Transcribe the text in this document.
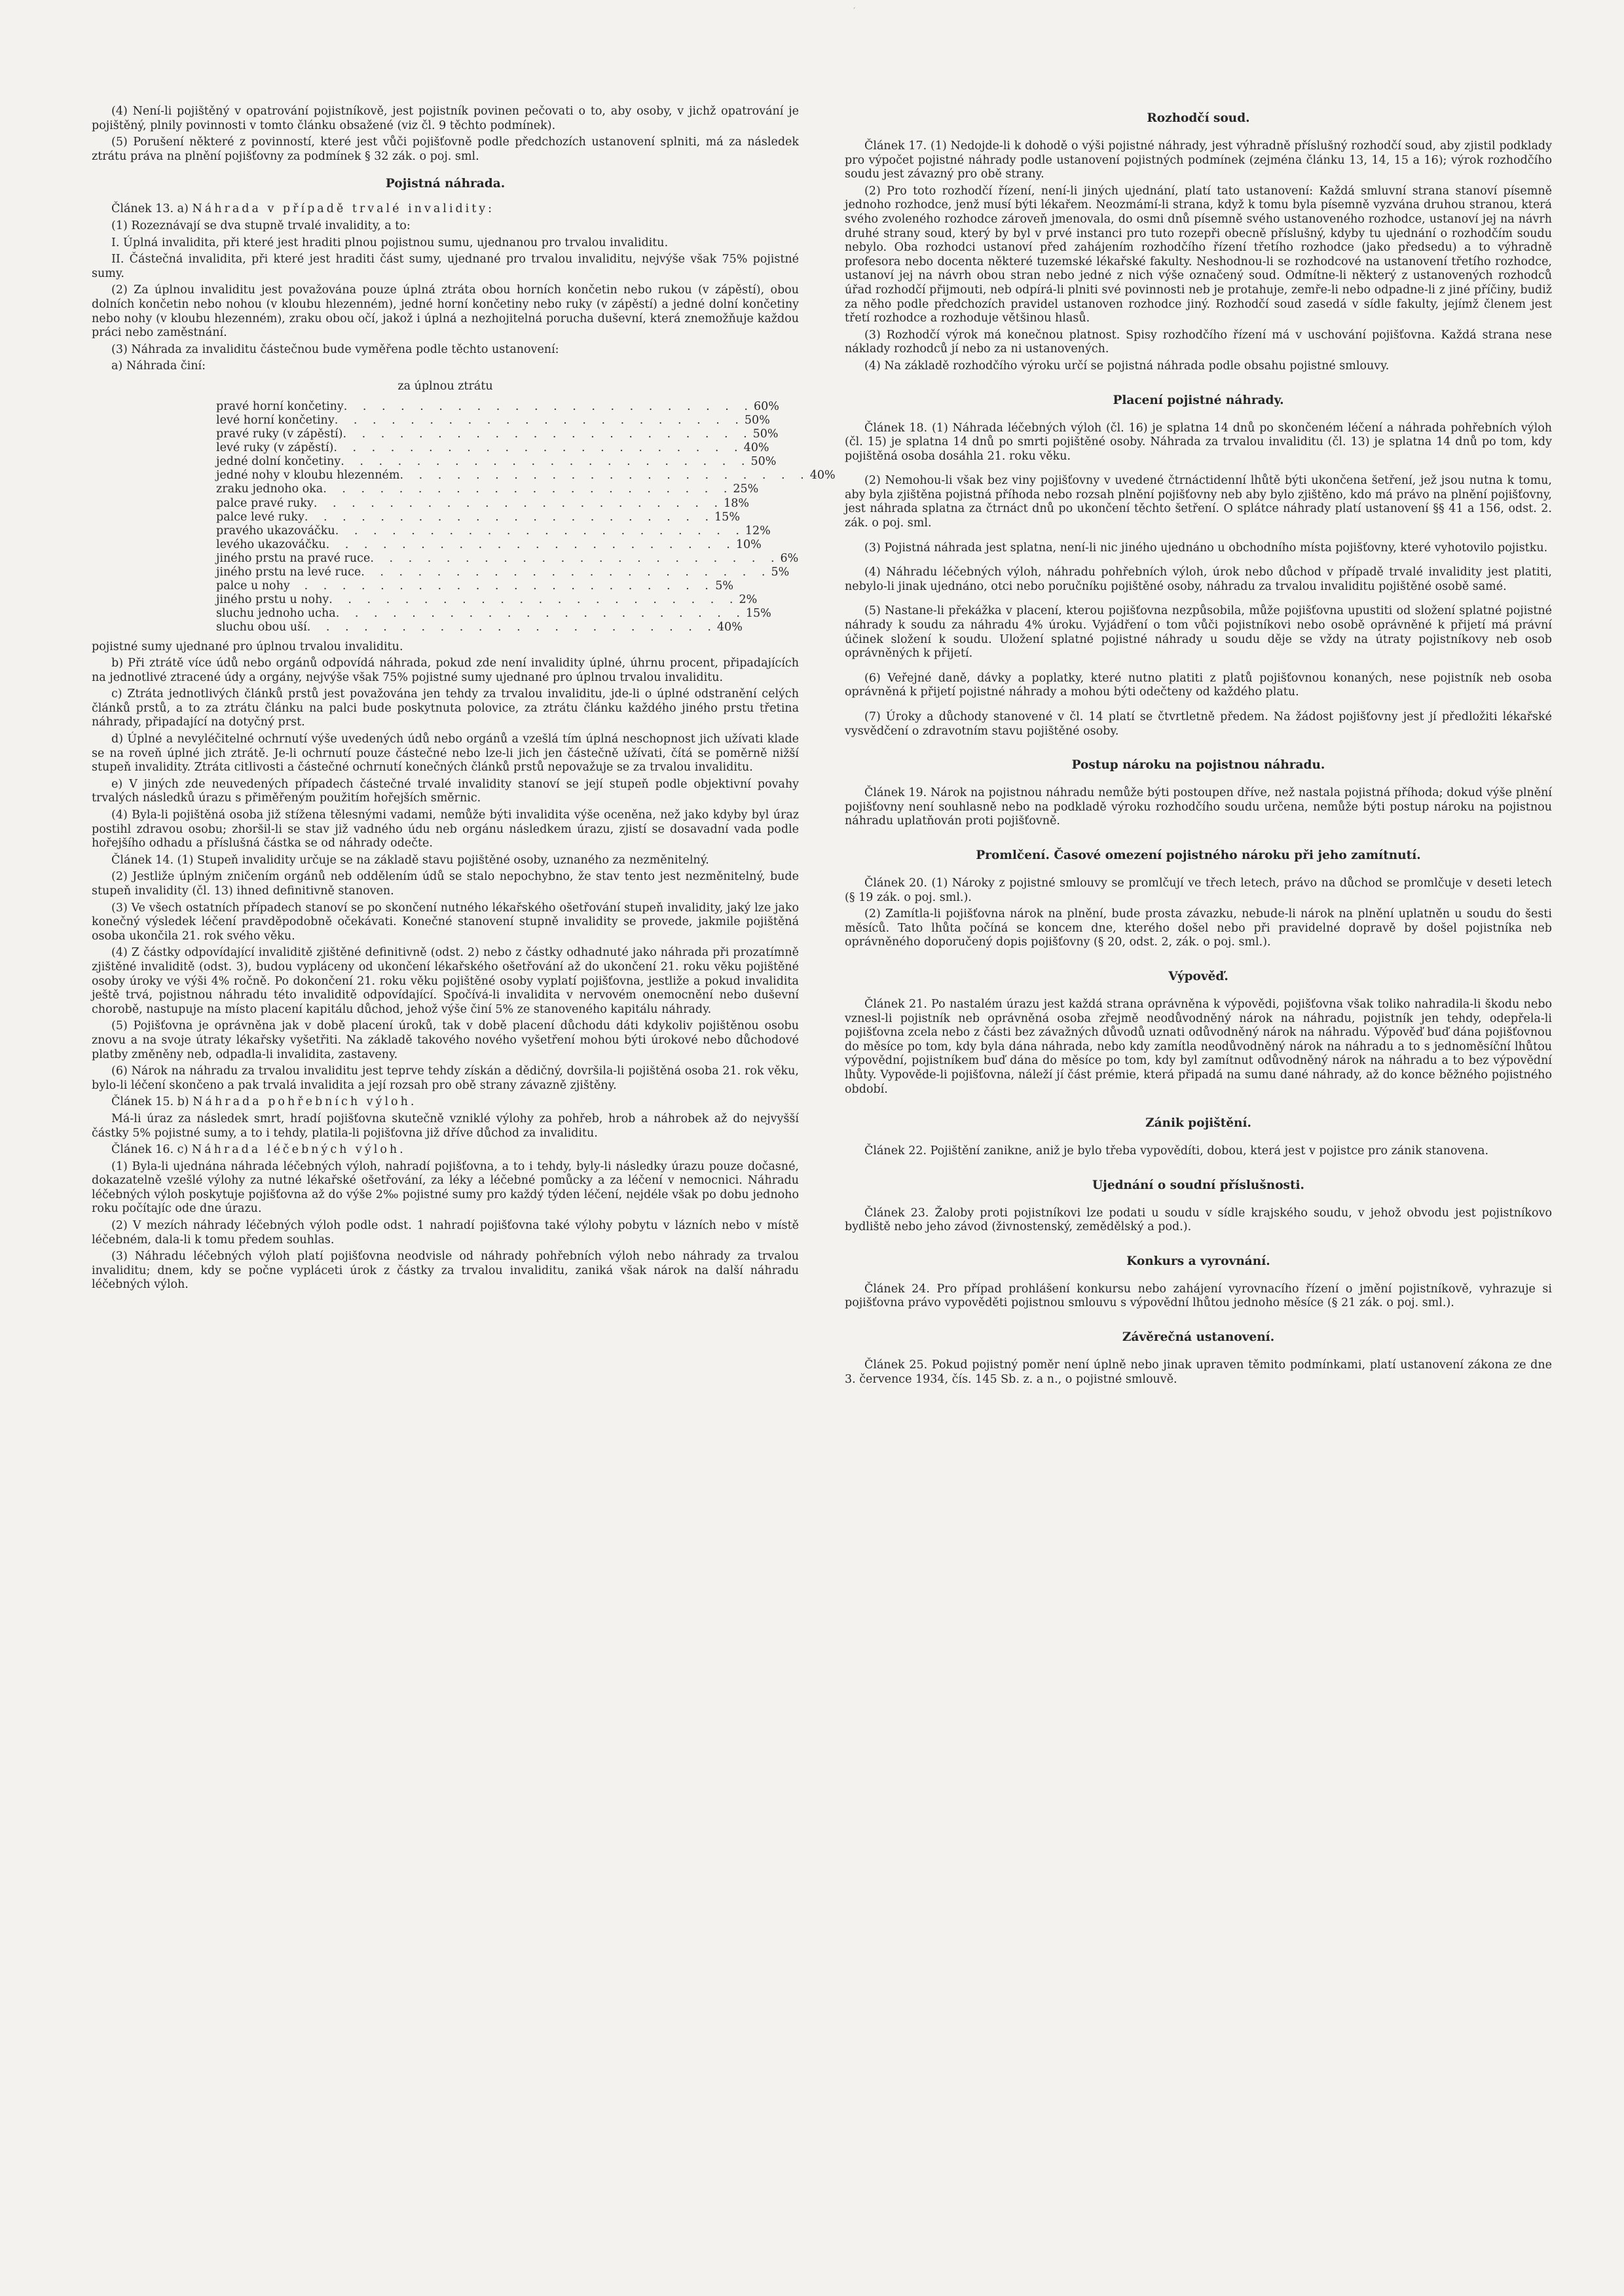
´

(4) Není-li pojištěný v opatrování pojistníkově, jest pojistník povinen pečovati o to, aby osoby, v jichž opatrování je pojištěný, plnily povinnosti v tomto článku obsažené (viz čl. 9 těchto podmínek).

(5) Porušení některé z povinností, které jest vůči pojišťovně podle předchozích ustanovení splniti, má za následek ztrátu práva na plnění pojišťovny za podmínek § 32 zák. o poj. sml.

Pojistná náhrada.

Článek 13. a) Náhrada v případě trvalé invalidity:

(1) Rozeznávají se dva stupně trvalé invalidity, a to:

I. Úplná invalidita, při které jest hraditi plnou pojistnou sumu, ujednanou pro trvalou invaliditu.

II. Částečná invalidita, při které jest hraditi část sumy, ujednané pro trvalou invaliditu, nejvýše však 75% pojistné sumy.

(2) Za úplnou invaliditu jest považována pouze úplná ztráta obou horních končetin nebo rukou (v zápěstí), obou dolních končetin nebo nohou (v kloubu hlezenném), jedné horní končetiny nebo ruky (v zápěstí) a jedné dolní končetiny nebo nohy (v kloubu hlezenném), zraku obou očí, jakož i úplná a nezhojitelná porucha duševní, která znemožňuje každou práci nebo zaměstnání.

(3) Náhrada za invaliditu částečnou bude vyměřena podle těchto ustanovení:

a) Náhrada činí:

za úplnou ztrátu
pravé horní končetiny . . . . . . . . . . . . . . . . . . . . . . 60%
levé horní končetiny . . . . . . . . . . . . . . . . . . . . . . 50%
pravé ruky (v zápěstí) . . . . . . . . . . . . . . . . . . . . . . 50%
levé ruky (v zápěstí) . . . . . . . . . . . . . . . . . . . . . . 40%
jedné dolní končetiny . . . . . . . . . . . . . . . . . . . . . . 50%
jedné nohy v kloubu hlezenném . . . . . . . . . . . . . . . . . . . . . . 40%
zraku jednoho oka . . . . . . . . . . . . . . . . . . . . . . 25%
palce pravé ruky . . . . . . . . . . . . . . . . . . . . . . 18%
palce levé ruky . . . . . . . . . . . . . . . . . . . . . . 15%
pravého ukazováčku . . . . . . . . . . . . . . . . . . . . . . 12%
levého ukazováčku . . . . . . . . . . . . . . . . . . . . . . 10%
jiného prstu na pravé ruce . . . . . . . . . . . . . . . . . . . . . . 6%
jiného prstu na levé ruce . . . . . . . . . . . . . . . . . . . . . . 5%
palce u nohy	. . . . . . . . . . . . . . . . . . . . . . 5%
jiného prstu u nohy . . . . . . . . . . . . . . . . . . . . . . 2%
sluchu jednoho ucha . . . . . . . . . . . . . . . . . . . . . . 15%
sluchu obou uší . . . . . . . . . . . . . . . . . . . . . . 40%

pojistné sumy ujednané pro úplnou trvalou invaliditu.

b) Při ztrátě více údů nebo orgánů odpovídá náhrada, pokud zde není invalidity úplné, úhrnu procent, připadajících na jednotlivé ztracené údy a orgány, nejvýše však 75% pojistné sumy ujednané pro úplnou trvalou invaliditu.

c) Ztráta jednotlivých článků prstů jest považována jen tehdy za trvalou invaliditu, jde-li o úplné odstranění celých článků prstů, a to za ztrátu článku na palci bude poskytnuta polovice, za ztrátu článku každého jiného prstu třetina náhrady, připadající na dotyčný prst.

d) Úplné a nevyléčitelné ochrnutí výše uvedených údů nebo orgánů a vzešlá tím úplná neschopnost jich užívati klade se na roveň úplné jich ztrátě. Je-li ochrnutí pouze částečné nebo lze-li jich jen částečně užívati, čítá se poměrně nižší stupeň invalidity. Ztráta citlivosti a částečné ochrnutí konečných článků prstů nepovažuje se za trvalou invaliditu.

e) V jiných zde neuvedených případech částečné trvalé invalidity stanoví se její stupeň podle objektivní povahy trvalých následků úrazu s přiměřeným použitím hořejších směrnic.

(4) Byla-li pojištěná osoba již stížena tělesnými vadami, nemůže býti invalidita výše oceněna, než jako kdyby byl úraz postihl zdravou osobu; zhoršil-li se stav již vadného údu neb orgánu následkem úrazu, zjistí se dosavadní vada podle hořejšího odhadu a příslušná částka se od náhrady odečte.

Článek 14. (1) Stupeň invalidity určuje se na základě stavu pojištěné osoby, uznaného za nezměnitelný.

(2) Jestliže úplným zničením orgánů neb oddělením údů se stalo nepochybno, že stav tento jest nezměnitelný, bude stupeň invalidity (čl. 13) ihned definitivně stanoven.

(3) Ve všech ostatních případech stanoví se po skončení nutného lékařského ošetřování stupeň invalidity, jaký lze jako konečný výsledek léčení pravděpodobně očekávati. Konečné stanovení stupně invalidity se provede, jakmile pojištěná osoba ukončila 21. rok svého věku.

(4) Z částky odpovídající invaliditě zjištěné definitivně (odst. 2) nebo z částky odhadnuté jako náhrada při prozatímně zjištěné invaliditě (odst. 3), budou vypláceny od ukončení lékařského ošetřování až do ukončení 21. roku věku pojištěné osoby úroky ve výši 4% ročně. Po dokončení 21. roku věku pojištěné osoby vyplatí pojišťovna, jestliže a pokud invalidita ještě trvá, pojistnou náhradu této invaliditě odpovídající. Spočívá-li invalidita v nervovém onemocnění nebo duševní chorobě, nastupuje na místo placení kapitálu důchod, jehož výše činí 5% ze stanoveného kapitálu náhrady.

(5) Pojišťovna je oprávněna jak v době placení úroků, tak v době placení důchodu dáti kdykoliv pojištěnou osobu znovu a na svoje útraty lékařsky vyšetřiti. Na základě takového nového vyšetření mohou býti úrokové nebo důchodové platby změněny neb, odpadla-li invalidita, zastaveny.

(6) Nárok na náhradu za trvalou invaliditu jest teprve tehdy získán a dědičný, dovršila-li pojištěná osoba 21. rok věku, bylo-li léčení skončeno a pak trvalá invalidita a její rozsah pro obě strany závazně zjištěny.

Článek 15. b) Náhrada pohřebních výloh.

Má-li úraz za následek smrt, hradí pojišťovna skutečně vzniklé výlohy za pohřeb, hrob a náhrobek až do nejvyšší částky 5% pojistné sumy, a to i tehdy, platila-li pojišťovna již dříve důchod za invaliditu.

Článek 16. c) Náhrada léčebných výloh.

(1) Byla-li ujednána náhrada léčebných výloh, nahradí pojišťovna, a to i tehdy, byly-li následky úrazu pouze dočasné, dokazatelně vzešlé výlohy za nutné lékařské ošetřování, za léky a léčebné pomůcky a za léčení v nemocnici. Náhradu léčebných výloh poskytuje pojišťovna až do výše 2‰ pojistné sumy pro každý týden léčení, nejdéle však po dobu jednoho roku počítajíc ode dne úrazu.

(2) V mezích náhrady léčebných výloh podle odst. 1 nahradí pojišťovna také výlohy pobytu v lázních nebo v místě léčebném, dala-li k tomu předem souhlas.

(3) Náhradu léčebných výloh platí pojišťovna neodvisle od náhrady pohřebních výloh nebo náhrady za trvalou invaliditu; dnem, kdy se počne vypláceti úrok z částky za trvalou invaliditu, zaniká však nárok na další náhradu léčebných výloh.

Rozhodčí soud.

Článek 17. (1) Nedojde-li k dohodě o výši pojistné náhrady, jest výhradně příslušný rozhodčí soud, aby zjistil podklady pro výpočet pojistné náhrady podle ustanovení pojistných podmínek (zejména článku 13, 14, 15 a 16); výrok rozhodčího soudu jest závazný pro obě strany.

(2) Pro toto rozhodčí řízení, není-li jiných ujednání, platí tato ustanovení: Každá smluvní strana stanoví písemně jednoho rozhodce, jenž musí býti lékařem. Neozmámí-li strana, když k tomu byla písemně vyzvána druhou stranou, která svého zvoleného rozhodce zároveň jmenovala, do osmi dnů písemně svého ustanoveného rozhodce, ustanoví jej na návrh druhé strany soud, který by byl v prvé instanci pro tuto rozepři obecně příslušný, kdyby tu ujednání o rozhodčím soudu nebylo. Oba rozhodci ustanoví před zahájením rozhodčího řízení třetího rozhodce (jako předsedu) a to výhradně profesora nebo docenta některé tuzemské lékařské fakulty. Neshodnou-li se rozhodcové na ustanovení třetího rozhodce, ustanoví jej na návrh obou stran nebo jedné z nich výše označený soud. Odmítne-li některý z ustanovených rozhodců úřad rozhodčí přijmouti, neb odpírá-li plniti své povinnosti neb je protahuje, zemře-li nebo odpadne-li z jiné příčiny, budiž za něho podle předchozích pravidel ustanoven rozhodce jiný. Rozhodčí soud zasedá v sídle fakulty, jejímž členem jest třetí rozhodce a rozhoduje většinou hlasů.

(3) Rozhodčí výrok má konečnou platnost. Spisy rozhodčího řízení má v uschování pojišťovna. Každá strana nese náklady rozhodců jí nebo za ni ustanovených.

(4) Na základě rozhodčího výroku určí se pojistná náhrada podle obsahu pojistné smlouvy.

Placení pojistné náhrady.

Článek 18. (1) Náhrada léčebných výloh (čl. 16) je splatna 14 dnů po skončeném léčení a náhrada pohřebních výloh (čl. 15) je splatna 14 dnů po smrti pojištěné osoby. Náhrada za trvalou invaliditu (čl. 13) je splatna 14 dnů po tom, kdy pojištěná osoba dosáhla 21. roku věku.

(2) Nemohou-li však bez viny pojišťovny v uvedené čtrnáctidenní lhůtě býti ukončena šetření, jež jsou nutna k tomu, aby byla zjištěna pojistná příhoda nebo rozsah plnění pojišťovny neb aby bylo zjištěno, kdo má právo na plnění pojišťovny, jest náhrada splatna za čtrnáct dnů po ukončení těchto šetření. O splátce náhrady platí ustanovení §§ 41 a 156, odst. 2. zák. o poj. sml.

(3) Pojistná náhrada jest splatna, není-li nic jiného ujednáno u obchodního místa pojišťovny, které vyhotovilo pojistku.

(4) Náhradu léčebných výloh, náhradu pohřebních výloh, úrok nebo důchod v případě trvalé invalidity jest platiti, nebylo-li jinak ujednáno, otci nebo poručníku pojištěné osoby, náhradu za trvalou invaliditu pojištěné osobě samé.

(5) Nastane-li překážka v placení, kterou pojišťovna nezpůsobila, může pojišťovna upustiti od složení splatné pojistné náhrady k soudu za náhradu 4% úroku. Vyjádření o tom vůči pojistníkovi nebo osobě oprávněné k přijetí má právní účinek složení k soudu. Uložení splatné pojistné náhrady u soudu děje se vždy na útraty pojistníkovy neb osob oprávněných k přijetí.

(6) Veřejné daně, dávky a poplatky, které nutno platiti z platů pojišťovnou konaných, nese pojistník neb osoba oprávněná k přijetí pojistné náhrady a mohou býti odečteny od každého platu.

(7) Úroky a důchody stanovené v čl. 14 platí se čtvrtletně předem. Na žádost pojišťovny jest jí předložiti lékařské vysvědčení o zdravotním stavu pojištěné osoby.

Postup nároku na pojistnou náhradu.

Článek 19. Nárok na pojistnou náhradu nemůže býti postoupen dříve, než nastala pojistná příhoda; dokud výše plnění pojišťovny není souhlasně nebo na podkladě výroku rozhodčího soudu určena, nemůže býti postup nároku na pojistnou náhradu uplatňován proti pojišťovně.

Promlčení. Časové omezení pojistného nároku při jeho zamítnutí.

Článek 20. (1) Nároky z pojistné smlouvy se promlčují ve třech letech, právo na důchod se promlčuje v deseti letech (§ 19 zák. o poj. sml.).

(2) Zamítla-li pojišťovna nárok na plnění, bude prosta závazku, nebude-li nárok na plnění uplatněn u soudu do šesti měsíců. Tato lhůta počíná se koncem dne, kterého došel nebo při pravidelné dopravě by došel pojistníka neb oprávněného doporučený dopis pojišťovny (§ 20, odst. 2, zák. o poj. sml.).

Výpověď.

Článek 21. Po nastalém úrazu jest každá strana oprávněna k výpovědi, pojišťovna však toliko nahradila-li škodu nebo vznesl-li pojistník neb oprávněná osoba zřejmě neodůvodněný nárok na náhradu, pojistník jen tehdy, odepřela-li pojišťovna zcela nebo z části bez závažných důvodů uznati odůvodněný nárok na náhradu. Výpověď buď dána pojišťovnou do měsíce po tom, kdy byla dána náhrada, nebo kdy zamítla neodůvodněný nárok na náhradu a to s jednoměsíční lhůtou výpovědní, pojistníkem buď dána do měsíce po tom, kdy byl zamítnut odůvodněný nárok na náhradu a to bez výpovědní lhůty. Vypověde-li pojišťovna, náleží jí část prémie, která připadá na sumu dané náhrady, až do konce běžného pojistného období.

Zánik pojištění.

Článek 22. Pojištění zanikne, aniž je bylo třeba vypovědíti, dobou, která jest v pojistce pro zánik stanovena.

Ujednání o soudní příslušnosti.

Článek 23. Žaloby proti pojistníkovi lze podati u soudu v sídle krajského soudu, v jehož obvodu jest pojistníkovo bydliště nebo jeho závod (živnostenský, zemědělský a pod.).

Konkurs a vyrovnání.

Článek 24. Pro případ prohlášení konkursu nebo zahájení vyrovnacího řízení o jmění pojistníkově, vyhrazuje si pojišťovna právo vypověděti pojistnou smlouvu s výpovědní lhůtou jednoho měsíce (§ 21 zák. o poj. sml.).

Závěrečná ustanovení.

Článek 25. Pokud pojistný poměr není úplně nebo jinak upraven těmito podmínkami, platí ustanovení zákona ze dne 3. července 1934, čís. 145 Sb. z. a n., o pojistné smlouvě.
